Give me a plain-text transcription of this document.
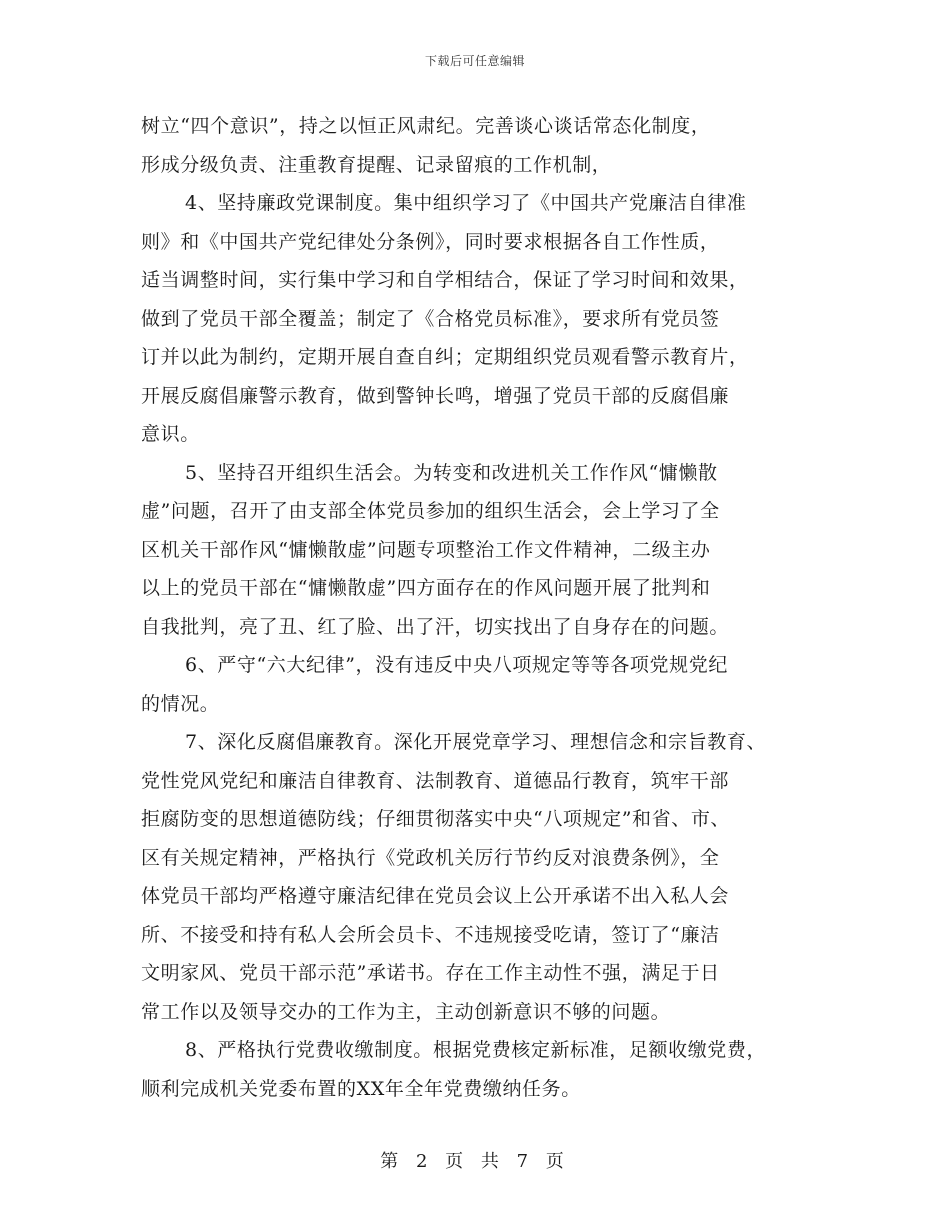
下载后可任意编辑
树立“四个意识”，持之以恒正风肃纪。完善谈心谈话常态化制度，
形成分级负责、注重教育提醒、记录留痕的工作机制，
4、坚持廉政党课制度。集中组织学习了《中国共产党廉洁自律准
则》和《中国共产党纪律处分条例》，同时要求根据各自工作性质，
适当调整时间，实行集中学习和自学相结合，保证了学习时间和效果，
做到了党员干部全覆盖；制定了《合格党员标准》，要求所有党员签
订并以此为制约，定期开展自查自纠；定期组织党员观看警示教育片，
开展反腐倡廉警示教育，做到警钟长鸣，增强了党员干部的反腐倡廉
意识。
5、坚持召开组织生活会。为转变和改进机关工作作风“慵懒散
虚”问题，召开了由支部全体党员参加的组织生活会，会上学习了全
区机关干部作风“慵懒散虚”问题专项整治工作文件精神，二级主办
以上的党员干部在“慵懒散虚”四方面存在的作风问题开展了批判和
自我批判，亮了丑、红了脸、出了汗，切实找出了自身存在的问题。
6、严守“六大纪律”，没有违反中央八项规定等等各项党规党纪
的情况。
7、深化反腐倡廉教育。深化开展党章学习、理想信念和宗旨教育、
党性党风党纪和廉洁自律教育、法制教育、道德品行教育，筑牢干部
拒腐防变的思想道德防线；仔细贯彻落实中央“八项规定”和省、市、
区有关规定精神，严格执行《党政机关厉行节约反对浪费条例》，全
体党员干部均严格遵守廉洁纪律在党员会议上公开承诺不出入私人会
所、不接受和持有私人会所会员卡、不违规接受吃请，签订了“廉洁
文明家风、党员干部示范”承诺书。存在工作主动性不强，满足于日
常工作以及领导交办的工作为主，主动创新意识不够的问题。
8、严格执行党费收缴制度。根据党费核定新标准，足额收缴党费，
顺利完成机关党委布置的XX年全年党费缴纳任务。
第 2 页 共 7 页
